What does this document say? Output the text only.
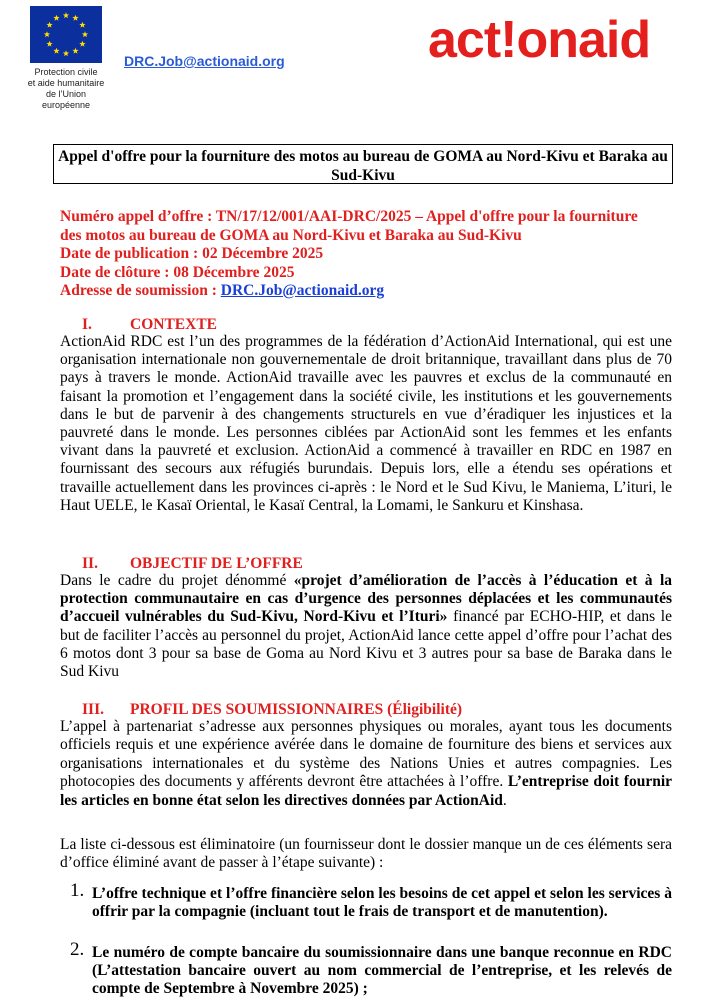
Protection civile
et aide humanitaire
de l’Union européenne
DRC.Job@actionaid.org	act!onaid
Appel d'offre pour la fourniture des motos au bureau de GOMA au Nord-Kivu et Baraka au Sud-Kivu
Numéro appel d’offre : TN/17/12/001/AAI-DRC/2025 – Appel d'offre pour la fourniture
des motos au bureau de GOMA au Nord-Kivu et Baraka au Sud-Kivu
Date de publication : 02 Décembre 2025
Date de clôture : 08 Décembre 2025
Adresse de soumission : DRC.Job@actionaid.org
I. CONTEXTE
ActionAid RDC est l’un des programmes de la fédération d’ActionAid International, qui est une organisation internationale non gouvernementale de droit britannique, travaillant dans plus de 70 pays à travers le monde. ActionAid travaille avec les pauvres et exclus de la communauté en faisant la promotion et l’engagement dans la société civile, les institutions et les gouvernements dans le but de parvenir à des changements structurels en vue d’éradiquer les injustices et la pauvreté dans le monde. Les personnes ciblées par ActionAid sont les femmes et les enfants vivant dans la pauvreté et exclusion. ActionAid a commencé à travailler en RDC en 1987 en fournissant des secours aux réfugiés burundais. Depuis lors, elle a étendu ses opérations et travaille actuellement dans les provinces ci-après : le Nord et le Sud Kivu, le Maniema, L’ituri, le Haut UELE, le Kasaï Oriental, le Kasaï Central, la Lomami, le Sankuru et Kinshasa.
II. OBJECTIF DE L’OFFRE
Dans le cadre du projet dénommé «projet d’amélioration de l’accès à l’éducation et à la protection communautaire en cas d’urgence des personnes déplacées et les communautés d’accueil vulnérables du Sud-Kivu, Nord-Kivu et l’Ituri» financé par ECHO-HIP, et dans le but de faciliter l’accès au personnel du projet, ActionAid lance cette appel d’offre pour l’achat des 6 motos dont 3 pour sa base de Goma au Nord Kivu et 3 autres pour sa base de Baraka dans le Sud Kivu
III. PROFIL DES SOUMISSIONNAIRES (Éligibilité)
L’appel à partenariat s’adresse aux personnes physiques ou morales, ayant tous les documents officiels requis et une expérience avérée dans le domaine de fourniture des biens et services aux organisations internationales et du système des Nations Unies et autres compagnies. Les photocopies des documents y afférents devront être attachées à l’offre. L’entreprise doit fournir les articles en bonne état selon les directives données par ActionAid.
La liste ci-dessous est éliminatoire (un fournisseur dont le dossier manque un de ces éléments sera d’office éliminé avant de passer à l’étape suivante) :
1. L’offre technique et l’offre financière selon les besoins de cet appel et selon les services à offrir par la compagnie (incluant tout le frais de transport et de manutention).
2. Le numéro de compte bancaire du soumissionnaire dans une banque reconnue en RDC (L’attestation bancaire ouvert au nom commercial de l’entreprise, et les relevés de compte de Septembre à Novembre 2025) ;
